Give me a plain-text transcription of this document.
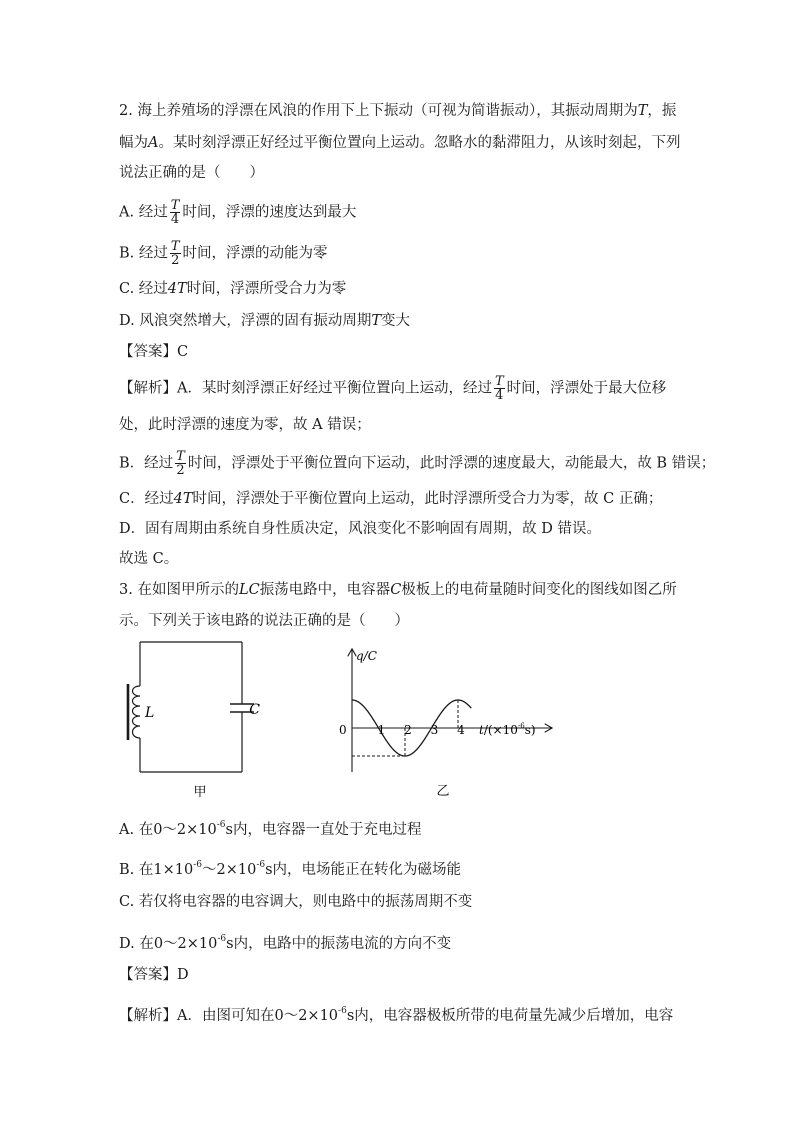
2. 海上养殖场的浮漂在风浪的作用下上下振动（可视为简谐振动），其振动周期为T，振
幅为A。某时刻浮漂正好经过平衡位置向上运动。忽略水的黏滞阻力，从该时刻起，下列
说法正确的是（　　）
A. 经过 $\frac{T}{4}$ 时间，浮漂的速度达到最大
B. 经过 $\frac{T}{2}$ 时间，浮漂的动能为零
C. 经过4T时间，浮漂所受合力为零
D. 风浪突然增大，浮漂的固有振动周期T变大
【答案】C
【解析】A．某时刻浮漂正好经过平衡位置向上运动，经过 $\frac{T}{4}$ 时间，浮漂处于最大位移
处，此时浮漂的速度为零，故 A 错误；
B．经过 $\frac{T}{2}$ 时间，浮漂处于平衡位置向下运动，此时浮漂的速度最大，动能最大，故 B 错误；
C．经过4T时间，浮漂处于平衡位置向上运动，此时浮漂所受合力为零，故 C 正确；
D．固有周期由系统自身性质决定，风浪变化不影响固有周期，故 D 错误。
故选 C。
3. 在如图甲所示的LC振荡电路中，电容器C极板上的电荷量随时间变化的图线如图乙所
示。下列关于该电路的说法正确的是（　　）
L	C
甲
q/C
0	1 2 3 4 $t/(\times 10^{-6}s)$
乙
A. 在$0\sim 2\times 10^{-6}s$内，电容器一直处于充电过程
B. 在$1\times 10^{-6}\sim 2\times 10^{-6}s$内，电场能正在转化为磁场能
C. 若仅将电容器的电容调大，则电路中的振荡周期不变
D. 在$0\sim 2\times 10^{-6}s$内，电路中的振荡电流的方向不变
【答案】D
【解析】A．由图可知在$0\sim 2\times 10^{-6}s$内，电容器极板所带的电荷量先减少后增加，电容
